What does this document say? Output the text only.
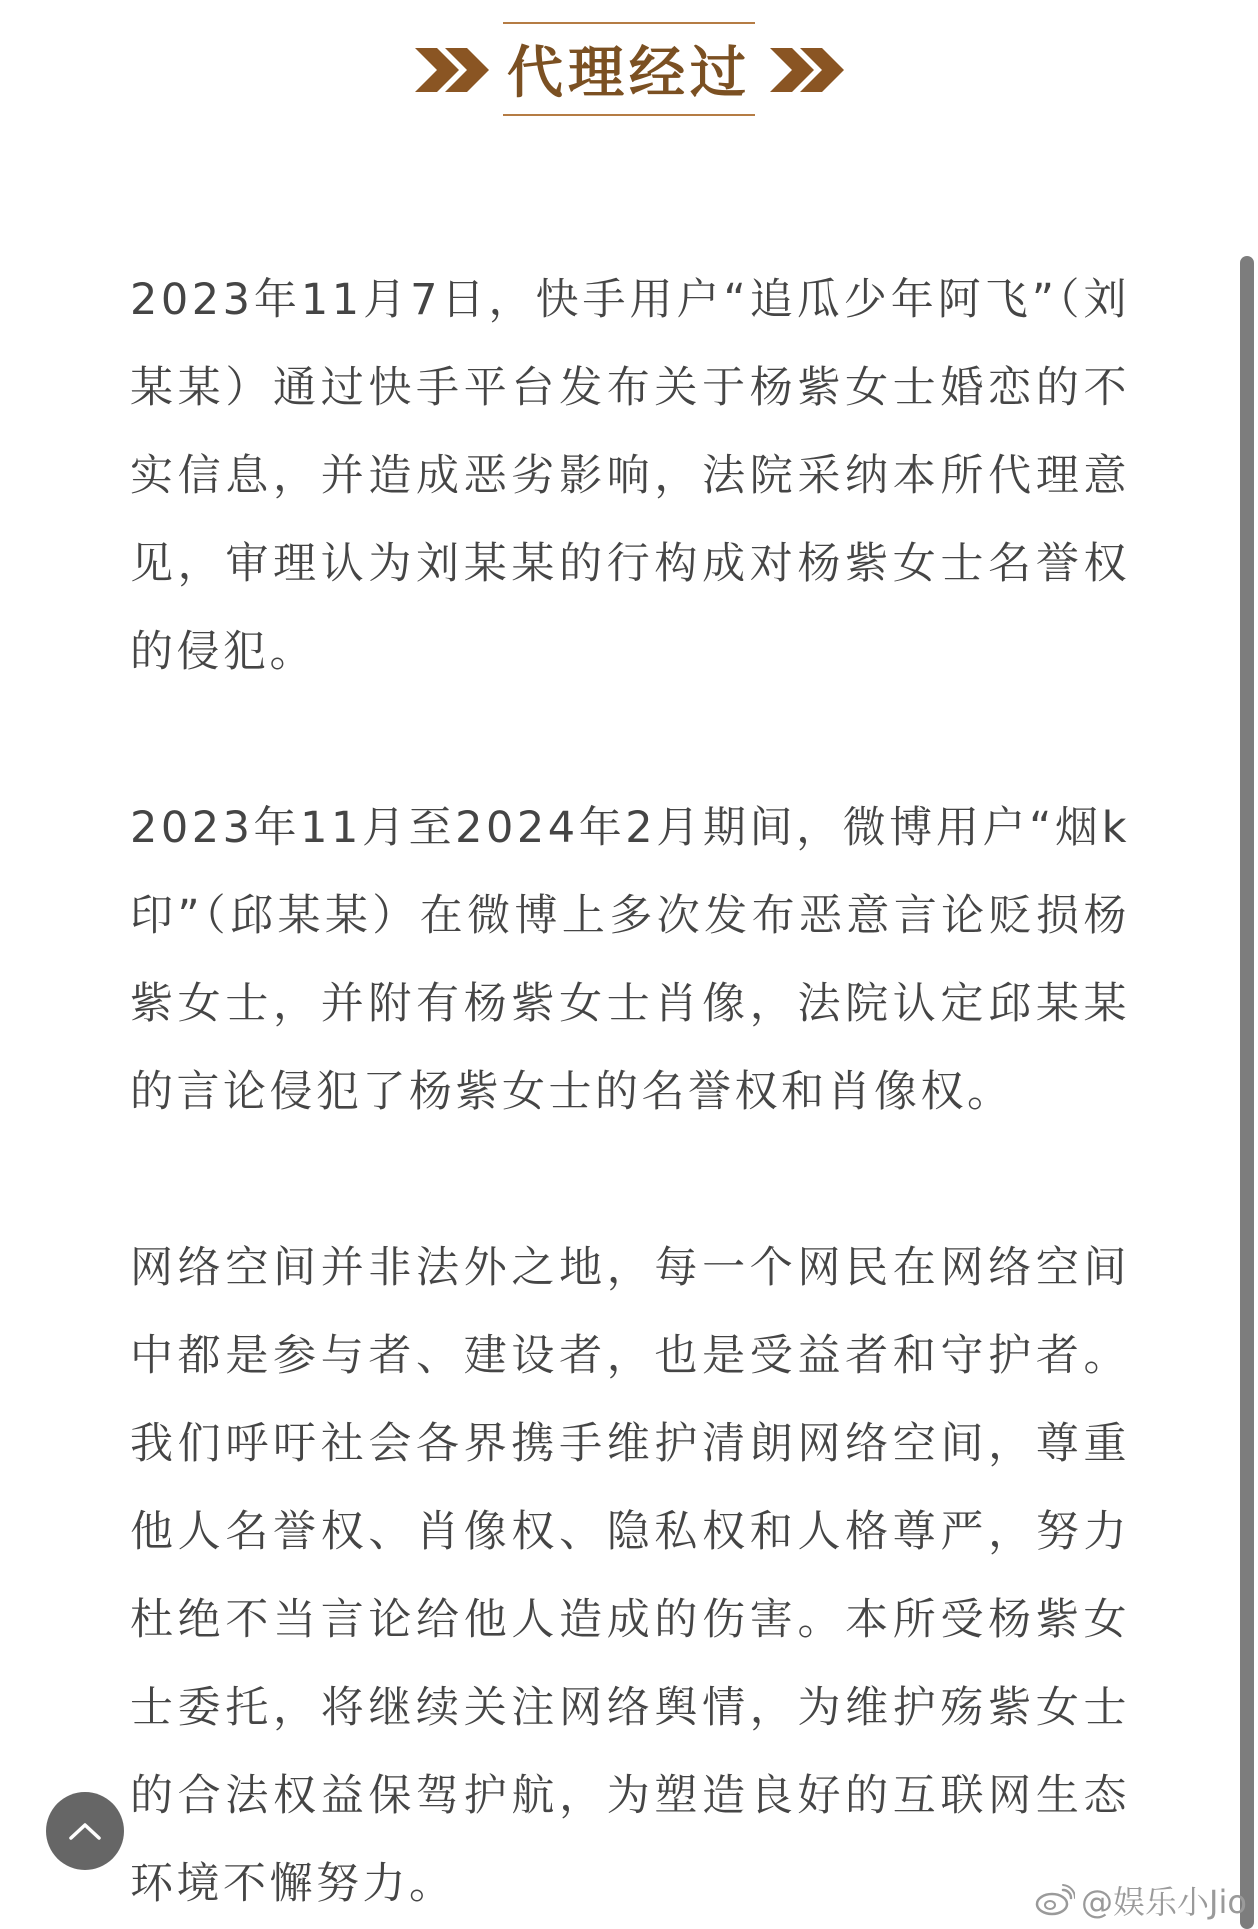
代理经过

2023年11月7日，快手用户“追瓜少年阿飞”（刘某某）通过快手平台发布关于杨紫女士婚恋的不实信息，并造成恶劣影响，法院采纳本所代理意见，审理认为刘某某的行构成对杨紫女士名誉权的侵犯。

2023年11月至2024年2月期间，微博用户“烟k印”（邱某某）在微博上多次发布恶意言论贬损杨紫女士，并附有杨紫女士肖像，法院认定邱某某的言论侵犯了杨紫女士的名誉权和肖像权。

网络空间并非法外之地，每一个网民在网络空间中都是参与者、建设者，也是受益者和守护者。我们呼吁社会各界携手维护清朗网络空间，尊重他人名誉权、肖像权、隐私权和人格尊严，努力杜绝不当言论给他人造成的伤害。本所受杨紫女士委托，将继续关注网络舆情，为维护殇紫女士的合法权益保驾护航，为塑造良好的互联网生态环境不懈努力。	@娱乐小Jio
